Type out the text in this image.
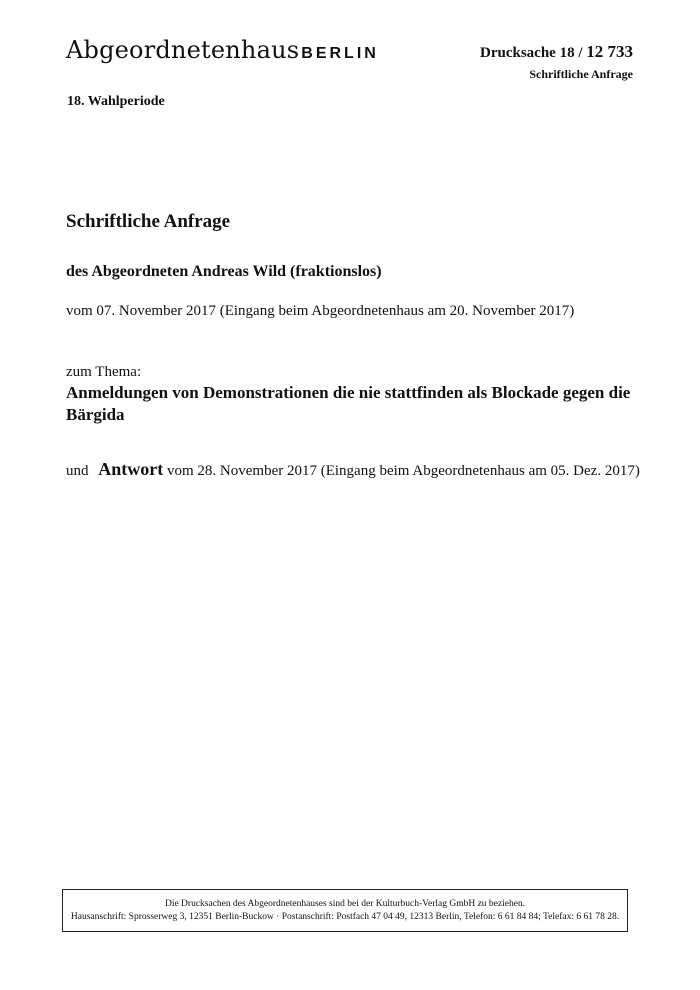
Abgeordnetenhaus BERLIN	Drucksache 18 / 12 733
Schriftliche Anfrage
18. Wahlperiode
Schriftliche Anfrage
des Abgeordneten Andreas Wild (fraktionslos)
vom 07. November 2017 (Eingang beim Abgeordnetenhaus am 20. November 2017)
zum Thema:
Anmeldungen von Demonstrationen die nie stattfinden als Blockade gegen die Bärgida
und Antwort vom 28. November 2017 (Eingang beim Abgeordnetenhaus am 05. Dez. 2017)
Die Drucksachen des Abgeordnetenhauses sind bei der Kulturbuch-Verlag GmbH zu beziehen.
Hausanschrift: Sprosserweg 3, 12351 Berlin-Buckow · Postanschrift: Postfach 47 04 49, 12313 Berlin, Telefon: 6 61 84 84; Telefax: 6 61 78 28.
